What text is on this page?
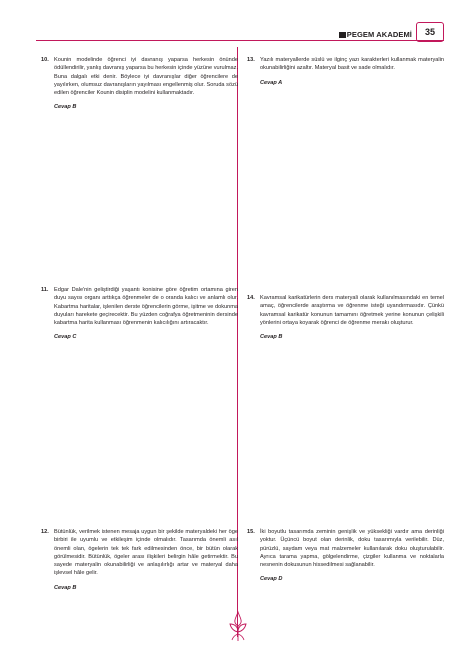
PEGEM AKADEMİ	35
10. Kounin modelinde öğrenci iyi davranış yaparsa herkesin önünde ödüllendirilir, yanlış davranış yaparsa bu herkesin içinde yüzüne vurulmaz. Buna dalgalı etki denir. Böylece iyi davranışlar diğer öğrencilere de yayılırken, olumsuz davranışların yayılması engellenmiş olur. Soruda sözü edilen öğrenciler Kounin disiplin modelini kullanmaktadır.
Cevap B
11. Edgar Dale'nin geliştirdiği yaşantı konisine göre öğretim ortamına giren duyu sayısı organı arttıkça öğrenmeler de o oranda kalıcı ve anlamlı olur. Kabartma haritalar, işlenilen derste öğrencilerin görme, işitme ve dokunma duyuları harekete geçirecektir. Bu yüzden coğrafya öğretmeninin dersinde kabartma harita kullanması öğrenmenin kalıcılığını artıracaktır.
Cevap C
12. Bütünlük, verilmek istenen mesaja uygun bir şekilde materyaldeki her öge birbiri ile uyumlu ve etkileşim içinde olmalıdır. Tasarımda önemli asıl önemli olan, ögelerin tek tek fark edilmesinden önce, bir bütün olarak görülmesidir. Bütünlük, ögeler arası ilişkileri belirgin hâle getirmektir. Bu sayede materyalin okunabilirliği ve anlaşılırlığı artar ve materyal daha işlevsel hâle gelir.
Cevap B
13. Yazılı materyallerde süslü ve ilginç yazı karakterleri kullanmak materyalin okunabilirliğini azaltır. Materyal basit ve sade olmalıdır.
Cevap A
14. Kavramsal karikatürlerin ders materyali olarak kullanılmasındaki en temel amaç, öğrencilerde araştırma ve öğrenme isteği uyandırmasıdır. Çünkü kavramsal karikatür konunun tamamını öğretmek yerine konunun çelişkili yönlerini ortaya koyarak öğrenci de öğrenme merakı oluşturur.
Cevap B
15. İki boyutlu tasarımda zeminin genişlik ve yüksekliği vardır ama derinliği yoktur. Üçüncü boyut olan derinlik, doku tasarımıyla verilebilir. Düz, pürüzlü, saydam veya mat malzemeler kullanılarak doku oluşturulabilir. Ayrıca tarama yapma, gölgelendirme, çizgiler kullanma ve noktalarla nesnenin dokusunun hissedilmesi sağlanabilir.
Cevap D
